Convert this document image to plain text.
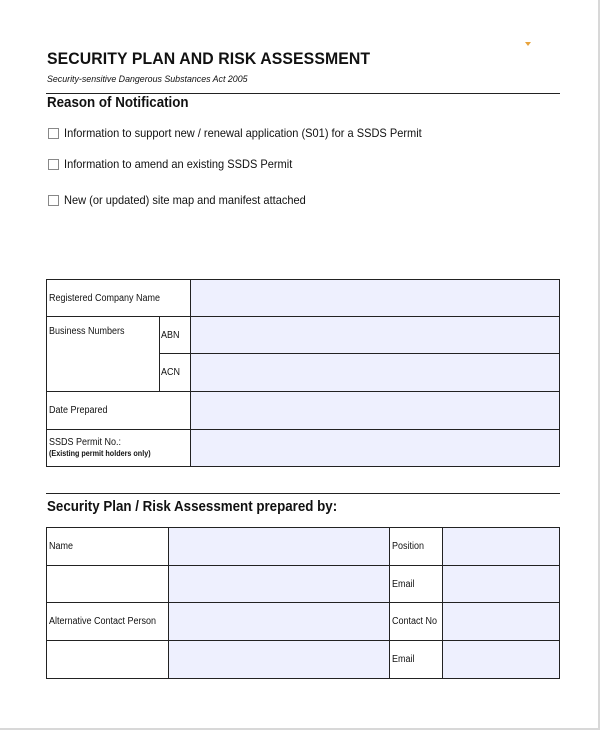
SECURITY PLAN AND RISK ASSESSMENT
Security-sensitive Dangerous Substances Act 2005
Reason of Notification
Information to support new / renewal application (S01) for a SSDS Permit
Information to amend an existing SSDS Permit
New (or updated) site map and manifest attached
Registered Company Name		
Business Numbers	ABN	
	ACN	
Date Prepared		
SSDS Permit No.: (Existing permit holders only)		
Security Plan / Risk Assessment prepared by:
Name		Position	
		Email	
Alternative Contact Person		Contact No	
		Email	
